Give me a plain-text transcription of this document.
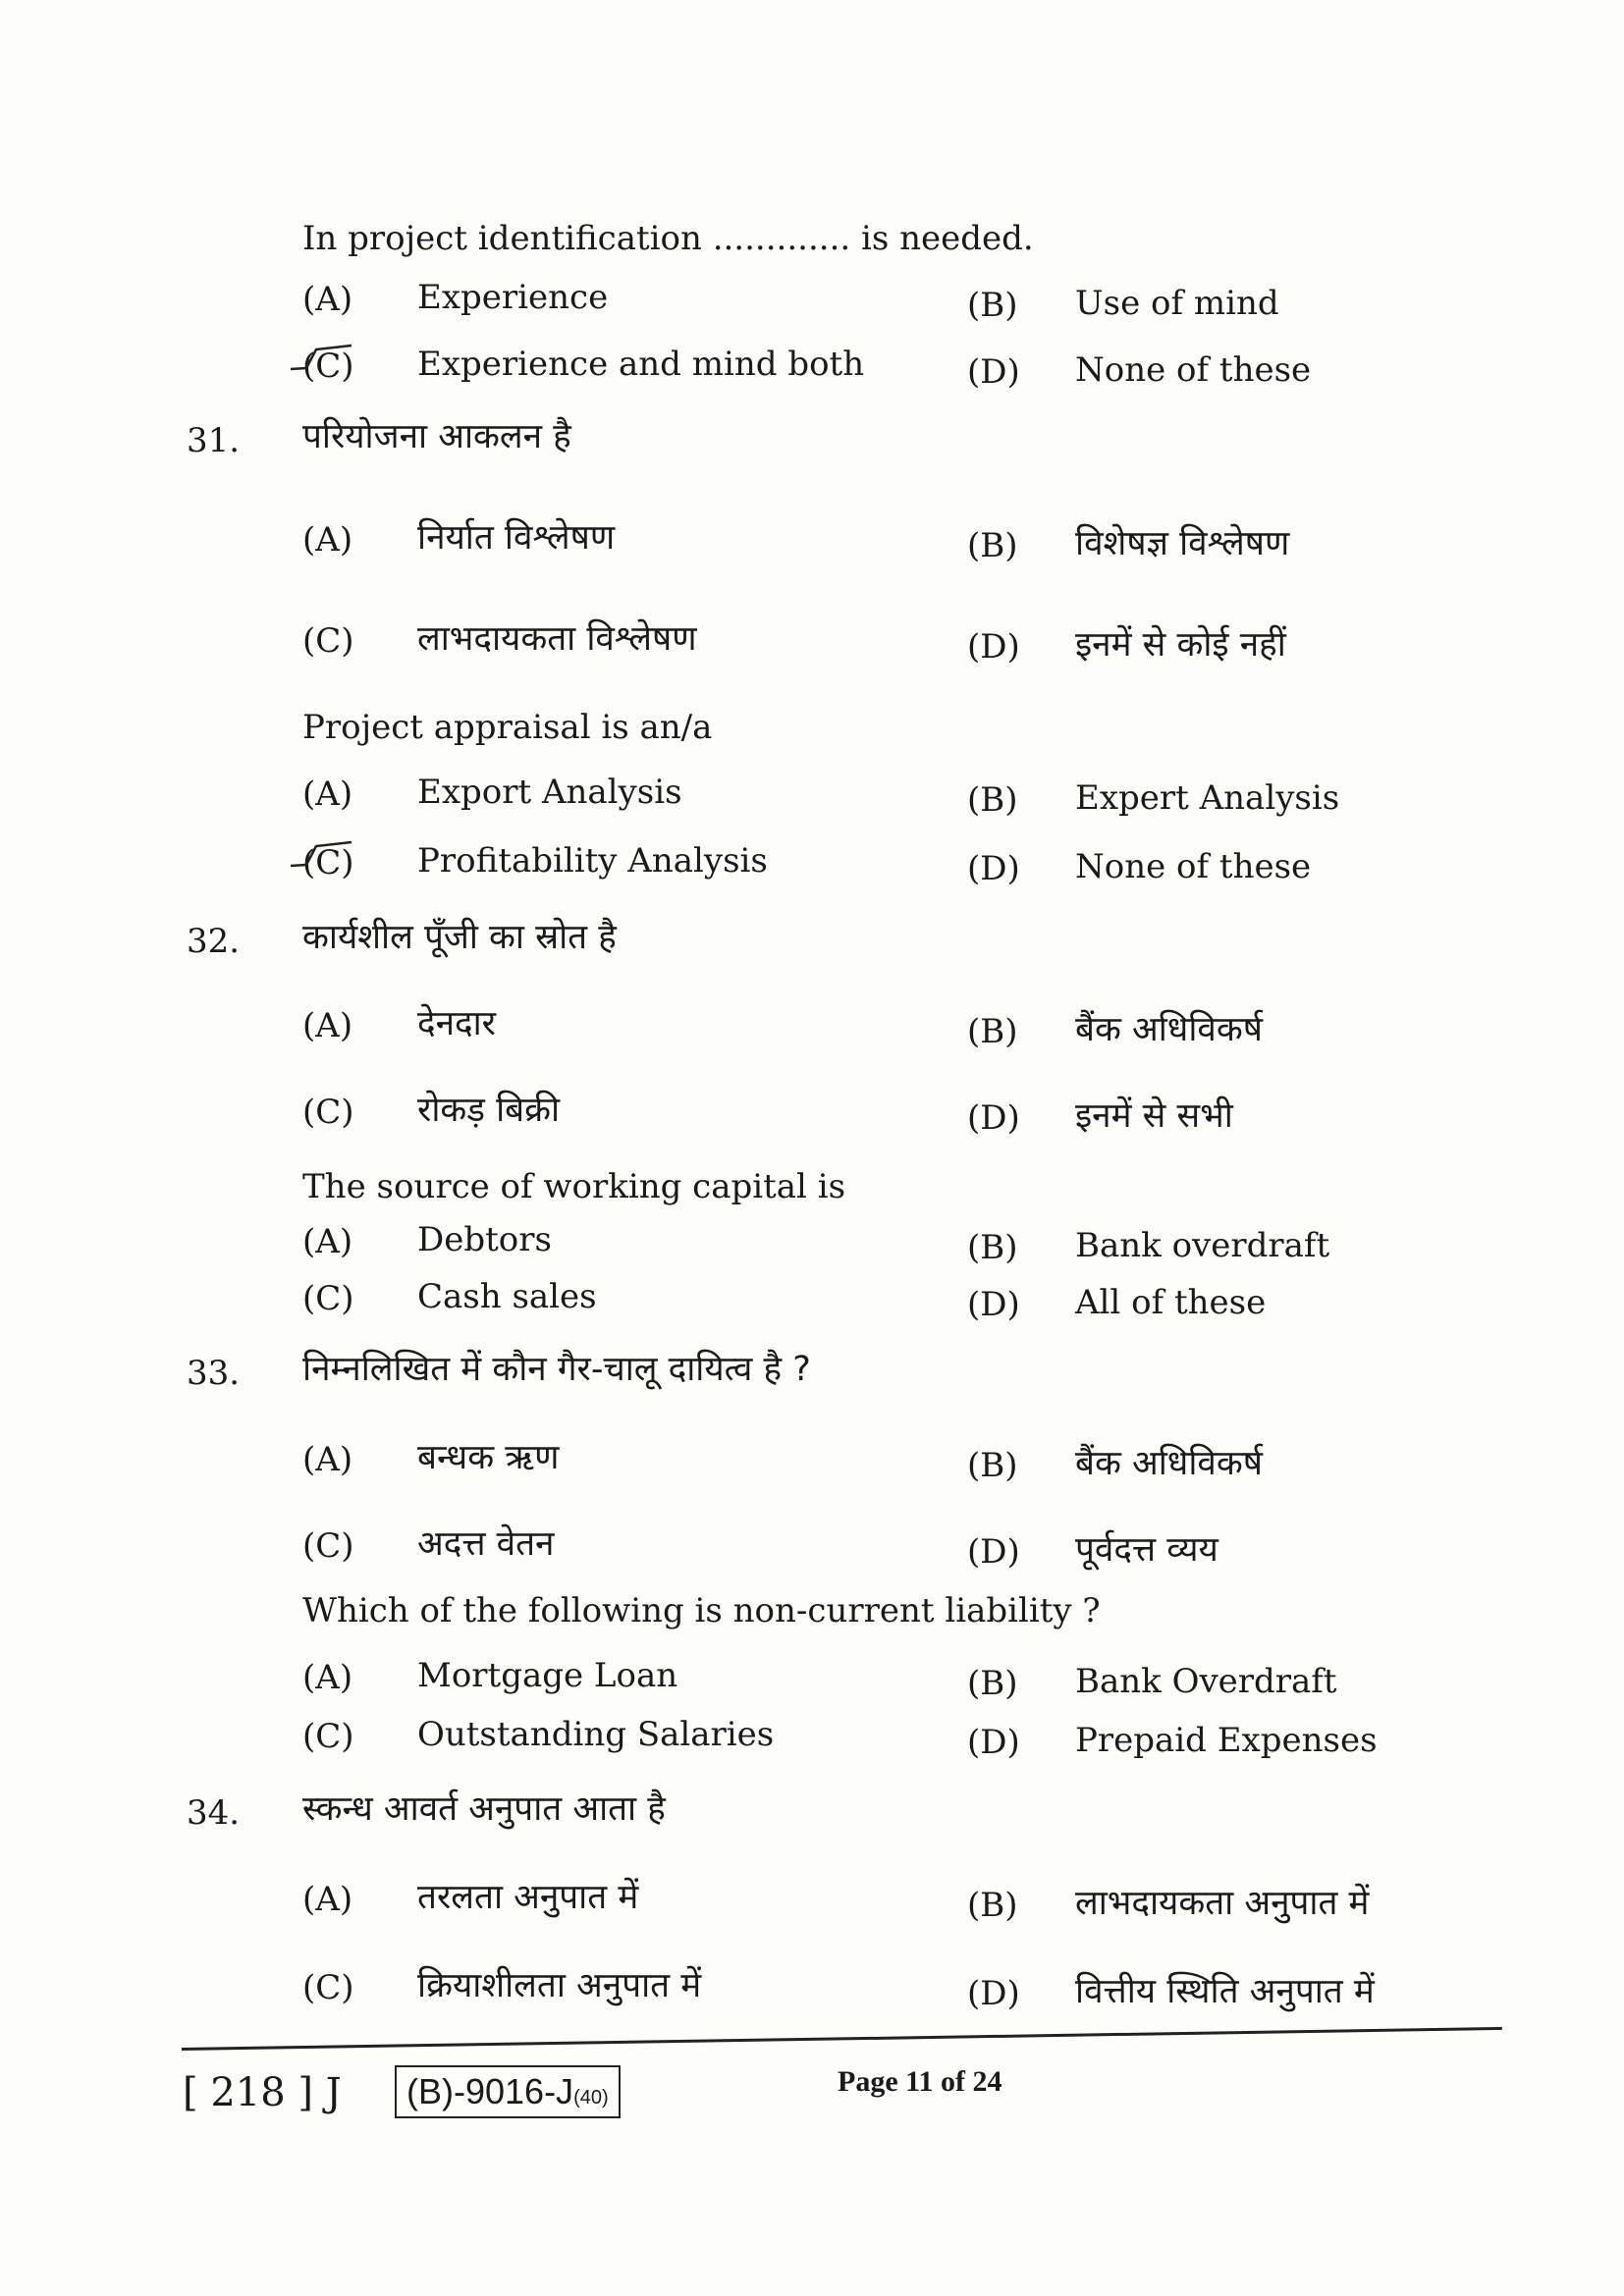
In project identification ............. is needed.
(A) Experience	(B) Use of mind
(C) Experience and mind both	(D) None of these
31. परियोजना आकलन है
(A) निर्यात विश्लेषण	(B) विशेषज्ञ विश्लेषण
(C) लाभदायकता विश्लेषण	(D) इनमें से कोई नहीं
Project appraisal is an/a
(A) Export Analysis	(B) Expert Analysis
(C) Profitability Analysis	(D) None of these
32. कार्यशील पूँजी का स्रोत है
(A) देनदार	(B) बैंक अधिविकर्ष
(C) रोकड़ बिक्री	(D) इनमें से सभी
The source of working capital is
(A) Debtors	(B) Bank overdraft
(C) Cash sales	(D) All of these
33. निम्नलिखित में कौन गैर-चालू दायित्व है ?
(A) बन्धक ऋण	(B) बैंक अधिविकर्ष
(C) अदत्त वेतन	(D) पूर्वदत्त व्यय
Which of the following is non-current liability ?
(A) Mortgage Loan	(B) Bank Overdraft
(C) Outstanding Salaries	(D) Prepaid Expenses
34. स्कन्ध आवर्त अनुपात आता है
(A) तरलता अनुपात में	(B) लाभदायकता अनुपात में
(C) क्रियाशीलता अनुपात में	(D) वित्तीय स्थिति अनुपात में
[ 218 ] J	(B)-9016-J(40)	Page 11 of 24
